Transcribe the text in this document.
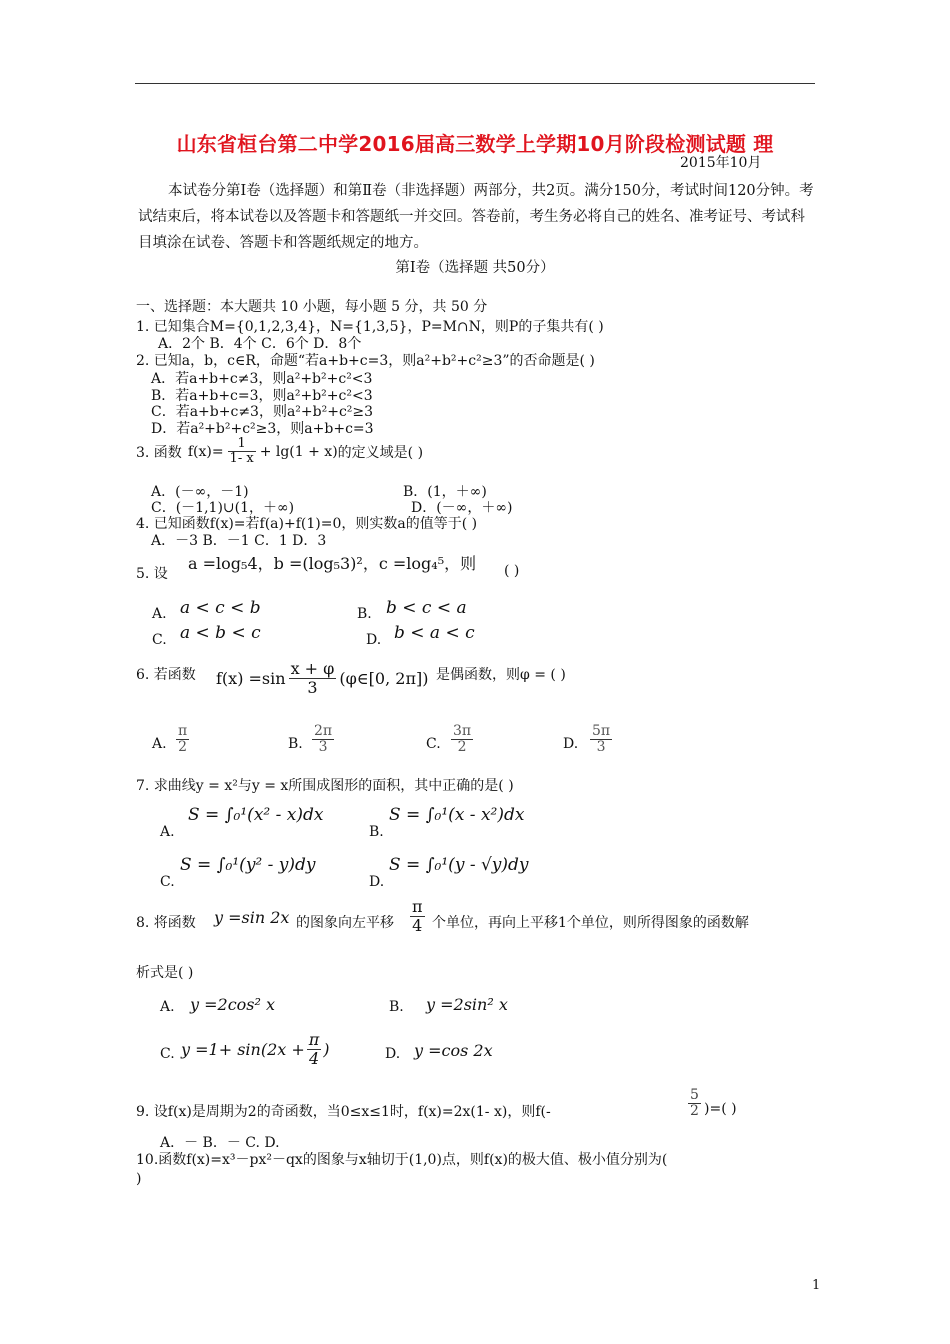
山东省桓台第二中学2016届高三数学上学期10月阶段检测试题 理
2015年10月

本试卷分第Ⅰ卷（选择题）和第Ⅱ卷（非选择题）两部分，共2页。满分150分，考试时间120分钟。考试结束后，将本试卷以及答题卡和答题纸一并交回。答卷前，考生务必将自己的姓名、准考证号、考试科目填涂在试卷、答题卡和答题纸规定的地方。

第Ⅰ卷（选择题 共50分）
一、选择题：本大题共 10 小题，每小题 5 分，共 50 分
1. 已知集合M={0,1,2,3,4}，N={1,3,5}，P=M∩N，则P的子集共有( )
A．2个 B．4个 C．6个 D．8个
2. 已知a，b，c∈R，命题“若a+b+c=3，则a²+b²+c²≥3”的否命题是( )
A．若a+b+c≠3，则a²+b²+c²<3
B．若a+b+c=3，则a²+b²+c²<3
C．若a+b+c≠3，则a²+b²+c²≥3
D．若a²+b²+c²≥3，则a+b+c=3
3. 函数 $f(x)= \frac{1}{1- x} + \lg(1 + x)$ 的定义域是( )
A．(－∞，－1)	B．(1，＋∞)
C．(－1,1)∪(1，＋∞)	D．(－∞，＋∞)
4. 已知函数f(x)=若f(a)+f(1)=0，则实数a的值等于( )
A．－3 B．－1 C．1 D．3
5. 设
a =log₅4，b =(log₅3)²，c =log₄⁵，则 ( )
A. a < c < b	B. b < c < a
C. a < b < c	D. b < a < c
6. 若函数 $f(x) =\sin \frac{x + \varphi}{3}$ (φ∈[0, 2π]) 是偶函数，则φ = ( )
A. $\frac{\pi}{2}$	B. $\frac{2\pi}{3}$	C. $\frac{3\pi}{2}$	D. $\frac{5\pi}{3}$
7. 求曲线y = x²与y = x所围成图形的面积，其中正确的是( )
A.
S = ∫₀¹(x² - x)dx
B.
S = ∫₀¹(x - x²)dx
C.
S = ∫₀¹(y² - y)dy
D.
S = ∫₀¹(y - √y)dy
8. 将函数 y =sin 2x 的图象向左平移 $\frac{\pi}{4}$ 个单位，再向上平移1个单位，则所得图象的函数解
析式是( )
A. y =2cos² x	B. y =2sin² x
C. $y =1+ \sin(2x + \frac{\pi}{4}$ )	D. y =cos 2x
9. 设f(x)是周期为2的奇函数，当0≤x≤1时，f(x)=2x(1- x)，则f(-	$\frac{5}{2}$ )=( )
A．－ B．－ C. D.
10.函数f(x)=x³－px²－qx的图象与x轴切于(1,0)点，则f(x)的极大值、极小值分别为(
)
1
